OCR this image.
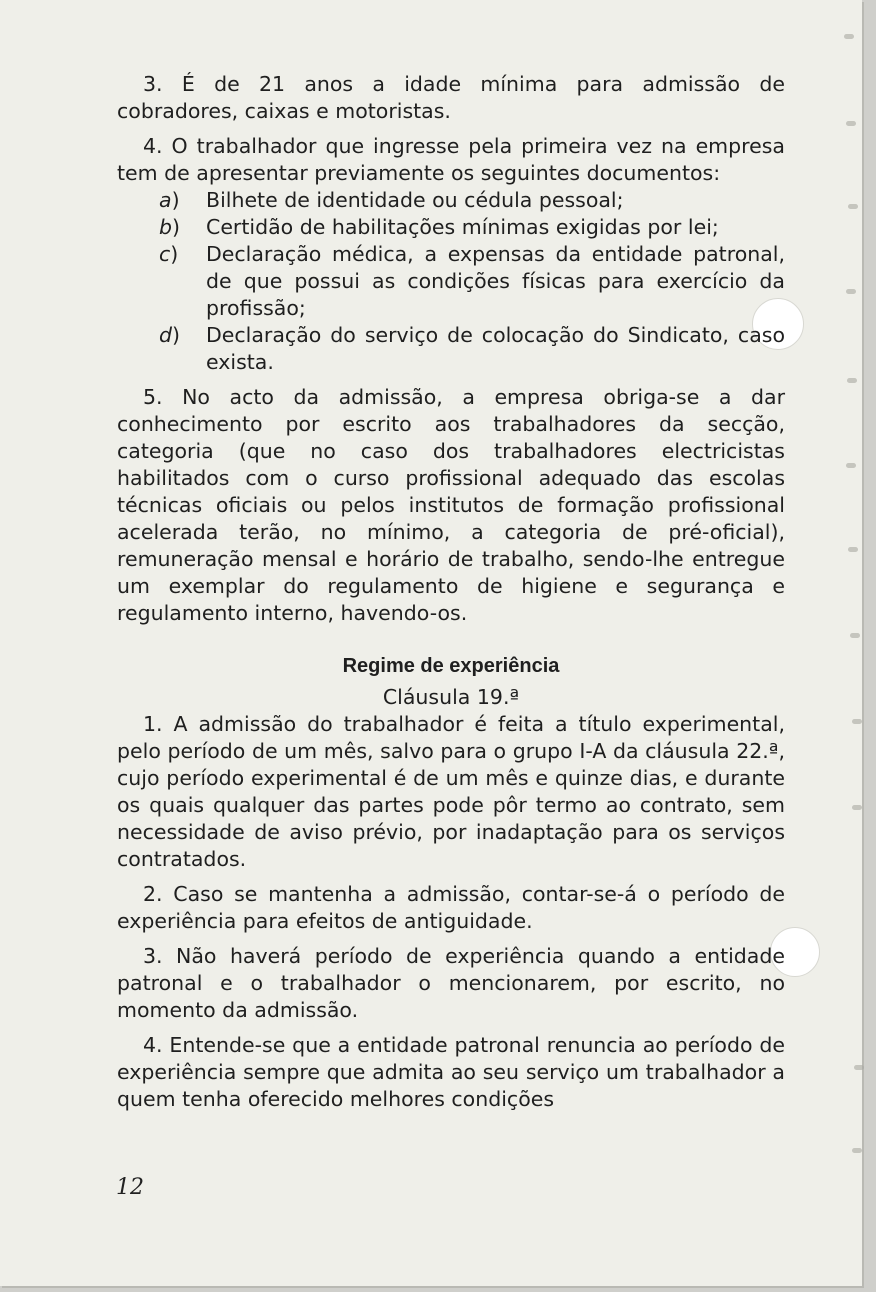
3. É de 21 anos a idade mínima para admissão de cobradores, caixas e motoristas.

4. O trabalhador que ingresse pela primeira vez na empresa tem de apresentar previamente os seguintes documentos:

a) Bilhete de identidade ou cédula pessoal;
b) Certidão de habilitações mínimas exigidas por lei;
c) Declaração médica, a expensas da entidade patronal, de que possui as condições físicas para exercício da profissão;
d) Declaração do serviço de colocação do Sindicato, caso exista.

5. No acto da admissão, a empresa obriga-se a dar conhecimento por escrito aos trabalhadores da secção, categoria (que no caso dos trabalhadores electricistas habilitados com o curso profissional adequado das escolas técnicas oficiais ou pelos institutos de formação profissional acelerada terão, no mínimo, a categoria de pré-oficial), remuneração mensal e horário de trabalho, sendo-lhe entregue um exemplar do regulamento de higiene e segurança e regulamento interno, havendo-os.

Regime de experiência
Cláusula 19.ª

1. A admissão do trabalhador é feita a título experimental, pelo período de um mês, salvo para o grupo I-A da cláusula 22.ª, cujo período experimental é de um mês e quinze dias, e durante os quais qualquer das partes pode pôr termo ao contrato, sem necessidade de aviso prévio, por inadaptação para os serviços contratados.

2. Caso se mantenha a admissão, contar-se-á o período de experiência para efeitos de antiguidade.

3. Não haverá período de experiência quando a entidade patronal e o trabalhador o mencionarem, por escrito, no momento da admissão.

4. Entende-se que a entidade patronal renuncia ao período de experiência sempre que admita ao seu serviço um trabalhador a quem tenha oferecido melhores condições

12
